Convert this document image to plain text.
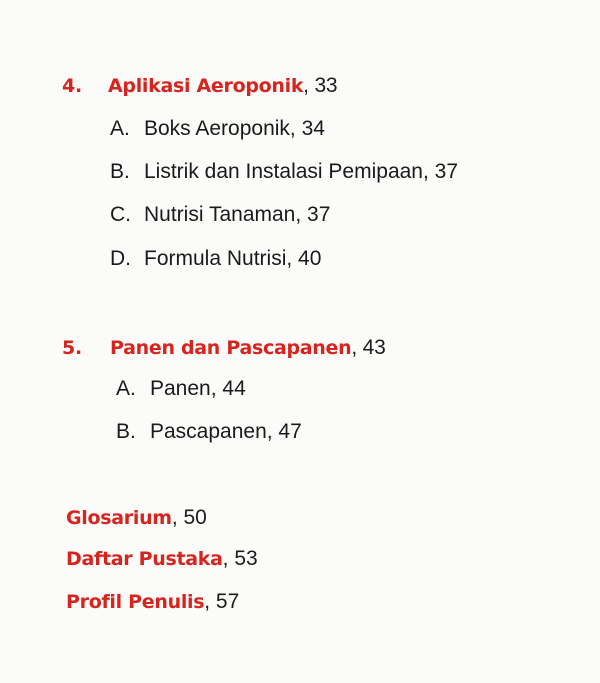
4. Aplikasi Aeroponik, 33
A. Boks Aeroponik, 34
B. Listrik dan Instalasi Pemipaan, 37
C. Nutrisi Tanaman, 37
D. Formula Nutrisi, 40
5. Panen dan Pascapanen, 43
A. Panen, 44
B. Pascapanen, 47
Glosarium, 50
Daftar Pustaka, 53
Profil Penulis, 57
